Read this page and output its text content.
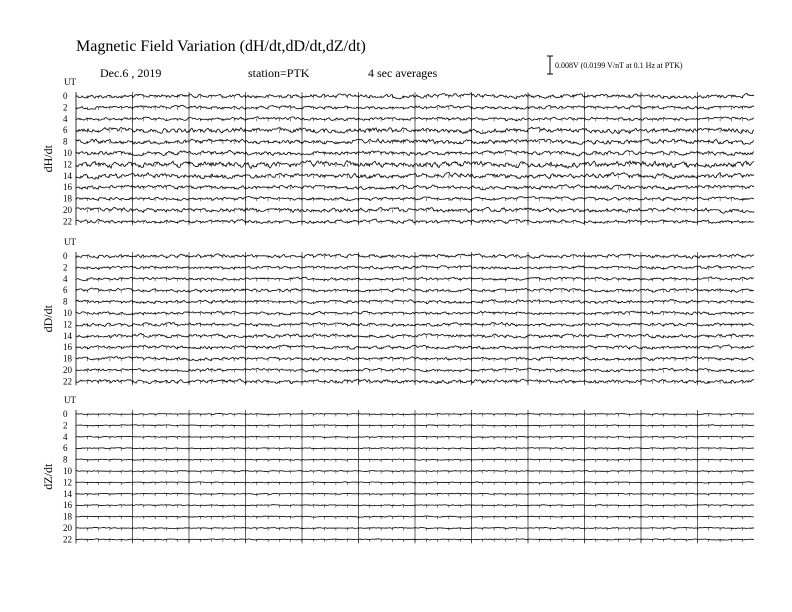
Magnetic Field Variation (dH/dt,dD/dt,dZ/dt)
Dec.6 , 2019	station=PTK	4 sec averages
0.008V (0.0199 V/nT at 0.1 Hz at PTK)
UT
dH/dt
0
2
4
6
8
10
12
14
16
18
20
22
UT
dD/dt
0
2
4
6
8
10
12
14
16
18
20
22
UT
dZ/dt
0
2
4
6
8
10
12
14
16
18
20
22
